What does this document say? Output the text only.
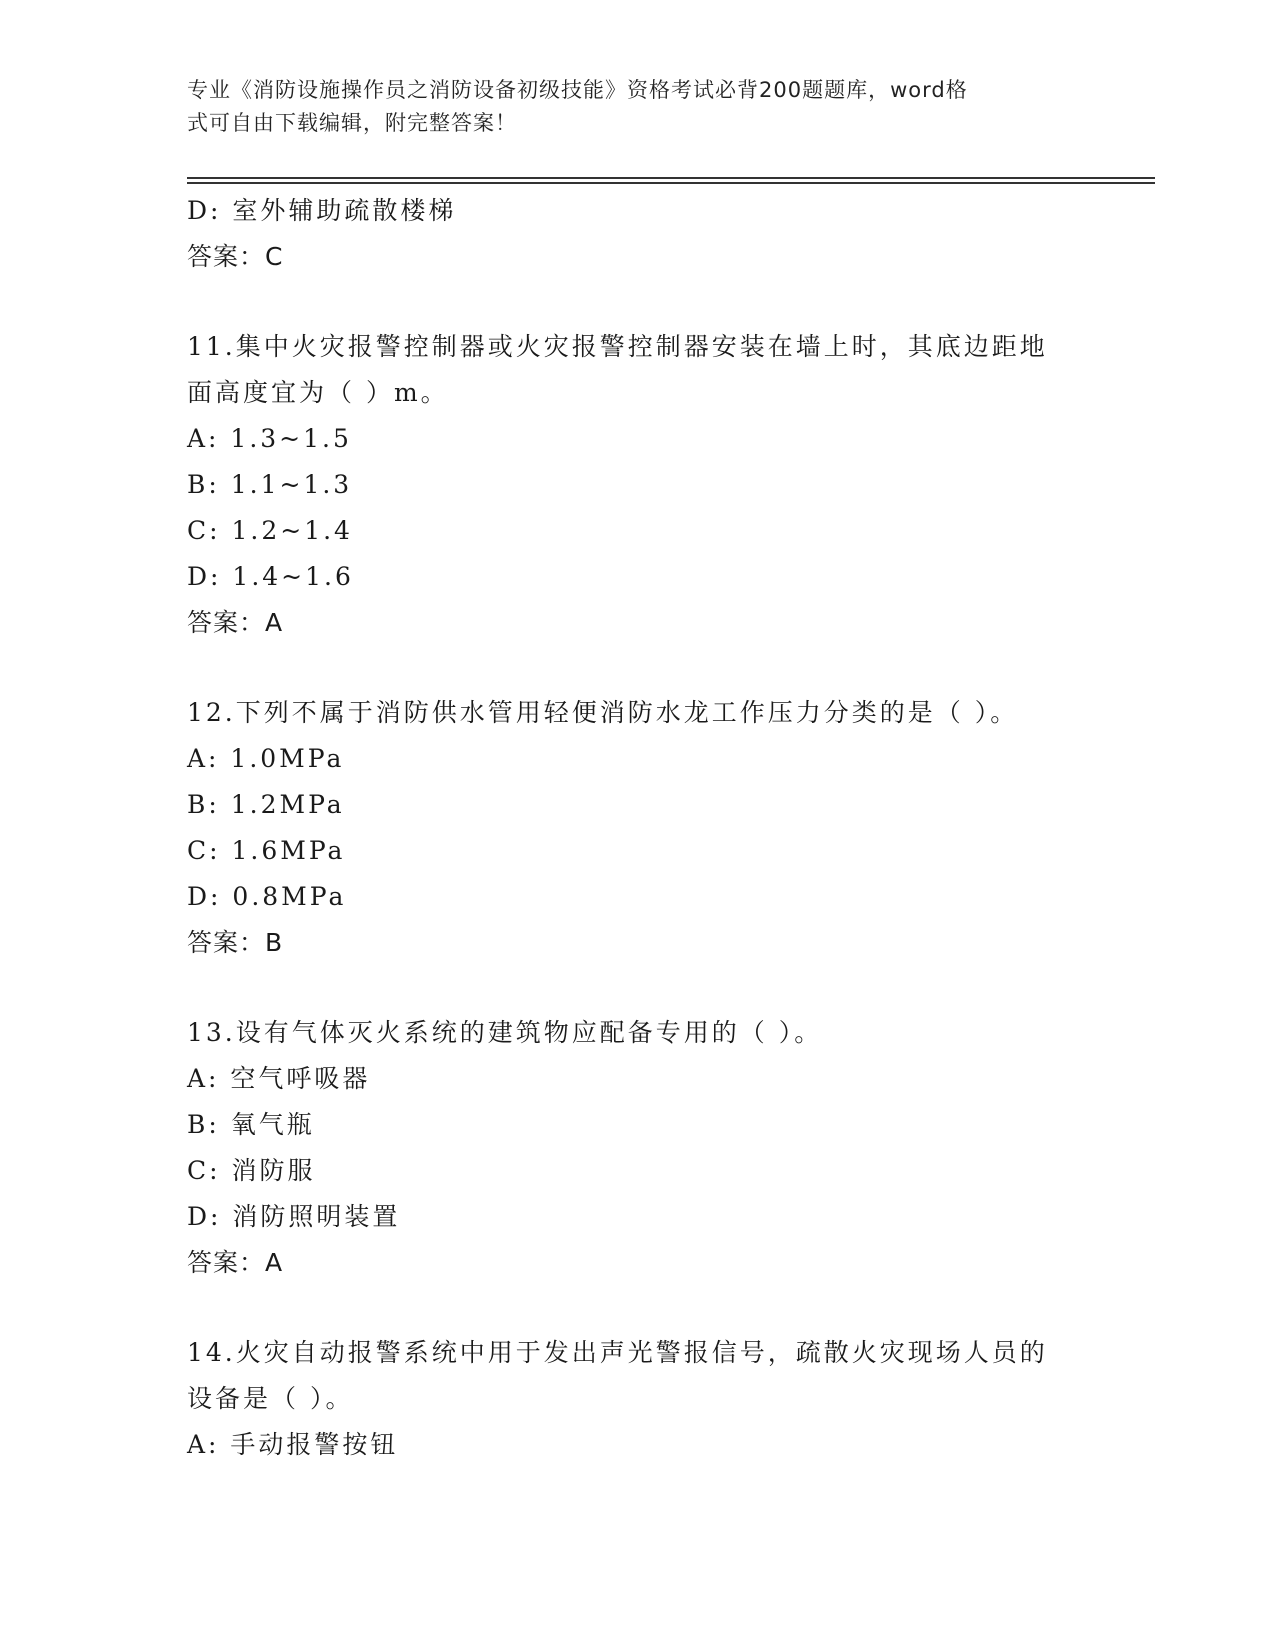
专业《消防设施操作员之消防设备初级技能》资格考试必背200题题库，word格
式可自由下载编辑，附完整答案！
D: 室外辅助疏散楼梯
答案：C
11.集中火灾报警控制器或火灾报警控制器安装在墙上时，其底边距地
面高度宜为（ ）m。
A: 1.3~1.5
B: 1.1~1.3
C: 1.2~1.4
D: 1.4~1.6
答案：A
12.下列不属于消防供水管用轻便消防水龙工作压力分类的是（ ）。
A: 1.0MPa
B: 1.2MPa
C: 1.6MPa
D: 0.8MPa
答案：B
13.设有气体灭火系统的建筑物应配备专用的（ ）。
A: 空气呼吸器
B: 氧气瓶
C: 消防服
D: 消防照明装置
答案：A
14.火灾自动报警系统中用于发出声光警报信号，疏散火灾现场人员的
设备是（ ）。
A: 手动报警按钮
